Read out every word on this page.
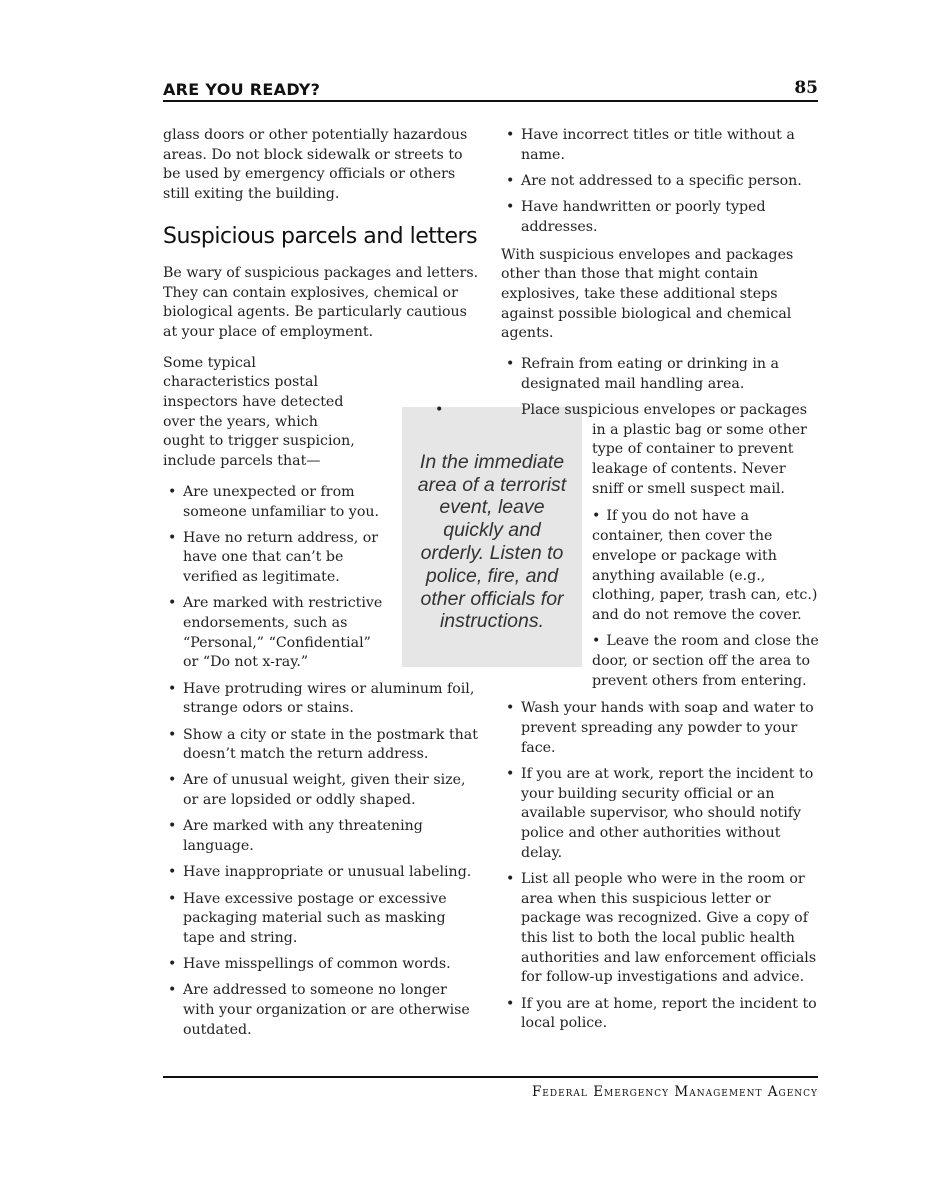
ARE YOU READY?	85

glass doors or other potentially hazardous areas. Do not block sidewalk or streets to be used by emergency officials or others still exiting the building.

Suspicious parcels and letters

Be wary of suspicious packages and letters. They can contain explosives, chemical or biological agents. Be particularly cautious at your place of employment.

Some typical characteristics postal inspectors have detected over the years, which ought to trigger suspicion, include parcels that—

• Are unexpected or from someone unfamiliar to you.
• Have no return address, or have one that can’t be verified as legitimate.
• Are marked with restrictive endorsements, such as “Personal,” “Confidential” or “Do not x-ray.”
• Have protruding wires or aluminum foil, strange odors or stains.
• Show a city or state in the postmark that doesn’t match the return address.
• Are of unusual weight, given their size, or are lopsided or oddly shaped.
• Are marked with any threatening language.
• Have inappropriate or unusual labeling.
• Have excessive postage or excessive packaging material such as masking tape and string.
• Have misspellings of common words.
• Are addressed to someone no longer with your organization or are otherwise outdated.
In the immediate area of a terrorist event, leave quickly and orderly. Listen to police, fire, and other officials for instructions.
• Have incorrect titles or title without a name.
• Are not addressed to a specific person.
• Have handwritten or poorly typed addresses.

With suspicious envelopes and packages other than those that might contain explosives, take these additional steps against possible biological and chemical agents.

• Refrain from eating or drinking in a designated mail handling area.
• Place suspicious envelopes or packages in a plastic bag or some other type of container to prevent leakage of contents. Never sniff or smell suspect mail.
• If you do not have a container, then cover the envelope or package with anything available (e.g., clothing, paper, trash can, etc.) and do not remove the cover.
• Leave the room and close the door, or section off the area to prevent others from entering.
• Wash your hands with soap and water to prevent spreading any powder to your face.
• If you are at work, report the incident to your building security official or an available supervisor, who should notify police and other authorities without delay.
• List all people who were in the room or area when this suspicious letter or package was recognized. Give a copy of this list to both the local public health authorities and law enforcement officials for follow-up investigations and advice.
• If you are at home, report the incident to local police.
Federal Emergency Management Agency
